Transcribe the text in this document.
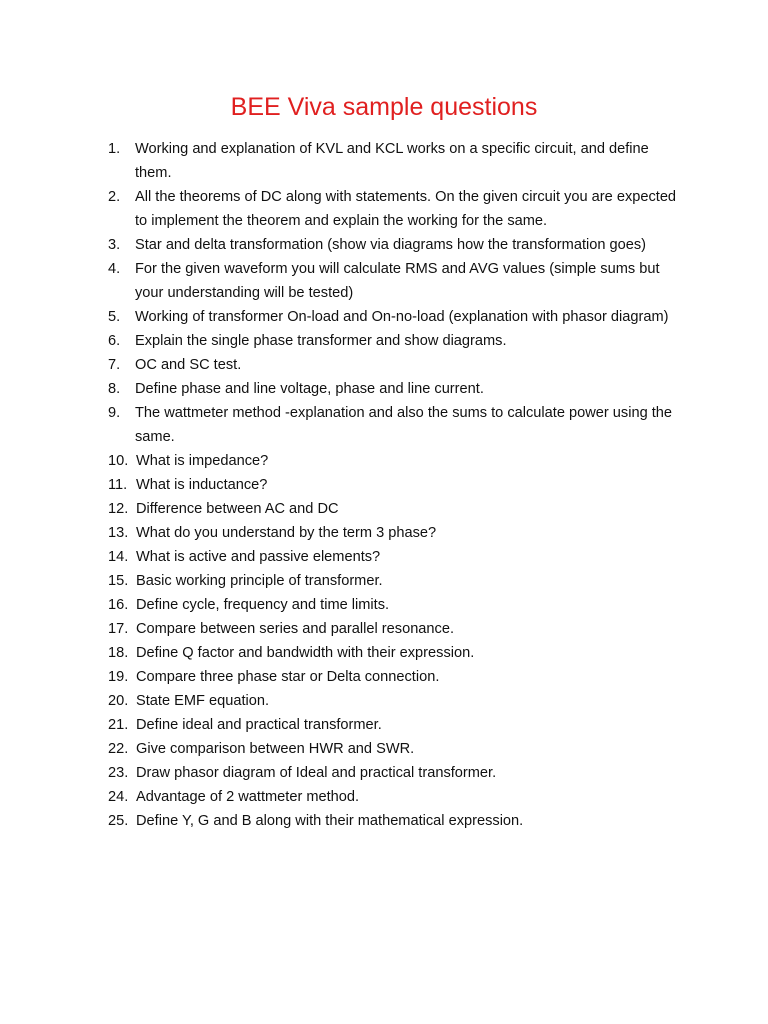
BEE Viva sample questions
1.	Working and explanation of KVL and KCL works on a specific circuit, and define them.
2.	All the theorems of DC along with statements. On the given circuit you are expected to implement the theorem and explain the working for the same.
3.	Star and delta transformation (show via diagrams how the transformation goes)
4.	For the given waveform you will calculate RMS and AVG values (simple sums but your understanding will be tested)
5.	Working of transformer On-load and On-no-load (explanation with phasor diagram)
6.	Explain the single phase transformer and show diagrams.
7.	OC and SC test.
8.	Define phase and line voltage, phase and line current.
9.	The wattmeter method -explanation and also the sums to calculate power using the same.
10. What is impedance?
11. What is inductance?
12. Difference between AC and DC
13. What do you understand by the term 3 phase?
14. What is active and passive elements?
15. Basic working principle of transformer.
16. Define cycle, frequency and time limits.
17. Compare between series and parallel resonance.
18. Define Q factor and bandwidth with their expression.
19. Compare three phase star or Delta connection.
20. State EMF equation.
21. Define ideal and practical transformer.
22. Give comparison between HWR and SWR.
23. Draw phasor diagram of Ideal and practical transformer.
24. Advantage of 2 wattmeter method.
25. Define Y, G and B along with their mathematical expression.
